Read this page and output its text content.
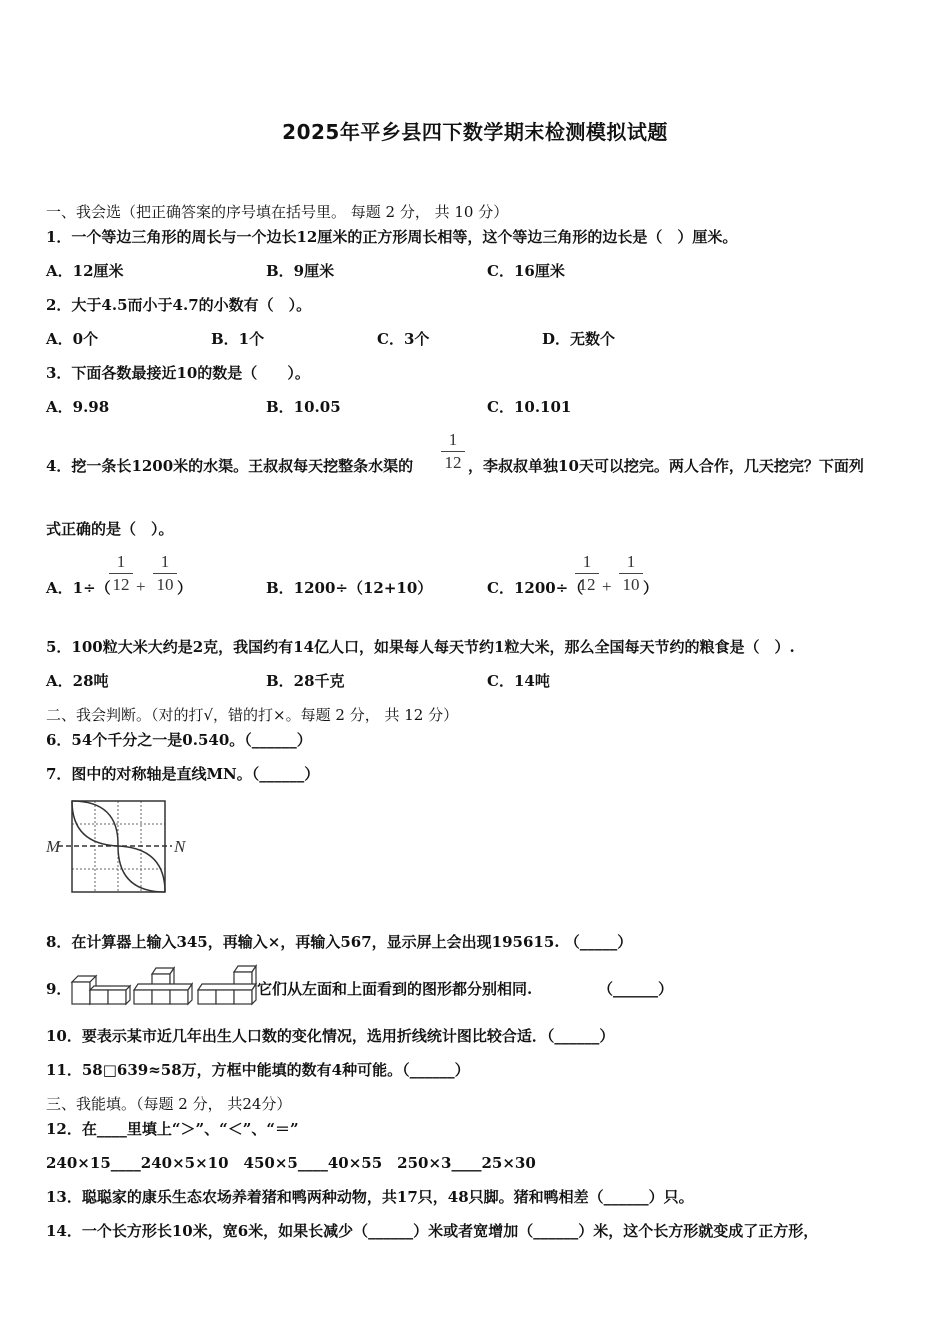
2025年平乡县四下数学期末检测模拟试题
一、我会选（把正确答案的序号填在括号里。 每题 2 分， 共 10 分）
1．一个等边三角形的周长与一个边长12厘米的正方形周长相等，这个等边三角形的边长是（　）厘米。
A．12厘米	B．9厘米	C．16厘米
2．大于4.5而小于4.7的小数有（　）。
A．0个	B．1个	C．3个	D．无数个
3．下面各数最接近10的数是（　　）。
A．9.98	B．10.05	C．10.101
4．挖一条长1200米的水渠。王叔叔每天挖整条水渠的
1
12 ，李叔叔单独10天可以挖完。两人合作，几天挖完？下面列
式正确的是（　）。
A．1÷（
1
12 +
1
10 ）	B．1200÷（12+10）	C．1200÷（
1
12 +
1
10 ）
5．100粒大米大约是2克，我国约有14亿人口，如果每人每天节约1粒大米，那么全国每天节约的粮食是（　）.
A．28吨	B．28千克	C．14吨
二、我会判断。（对的打√，错的打×。每题 2 分， 共 12 分）
6．54个千分之一是0.540。（______）
7．图中的对称轴是直线MN。（______）
M	N
8．在计算器上输入345，再输入×，再输入567，显示屏上会出现195615. （_____）
9．	它们从左面和上面看到的图形都分别相同.	（______）
10．要表示某市近几年出生人口数的变化情况，选用折线统计图比较合适．（______）
11．58□639≈58万，方框中能填的数有4种可能。（______）
三、我能填。（每题 2 分， 共24分）
12．在____里填上“＞”、“＜”、“＝”
240×15____240×5×10　450×5____40×55　250×3____25×30
13．聪聪家的康乐生态农场养着猪和鸭两种动物，共17只，48只脚。猪和鸭相差（______）只。
14．一个长方形长10米，宽6米，如果长减少（______）米或者宽增加（______）米，这个长方形就变成了正方形，
